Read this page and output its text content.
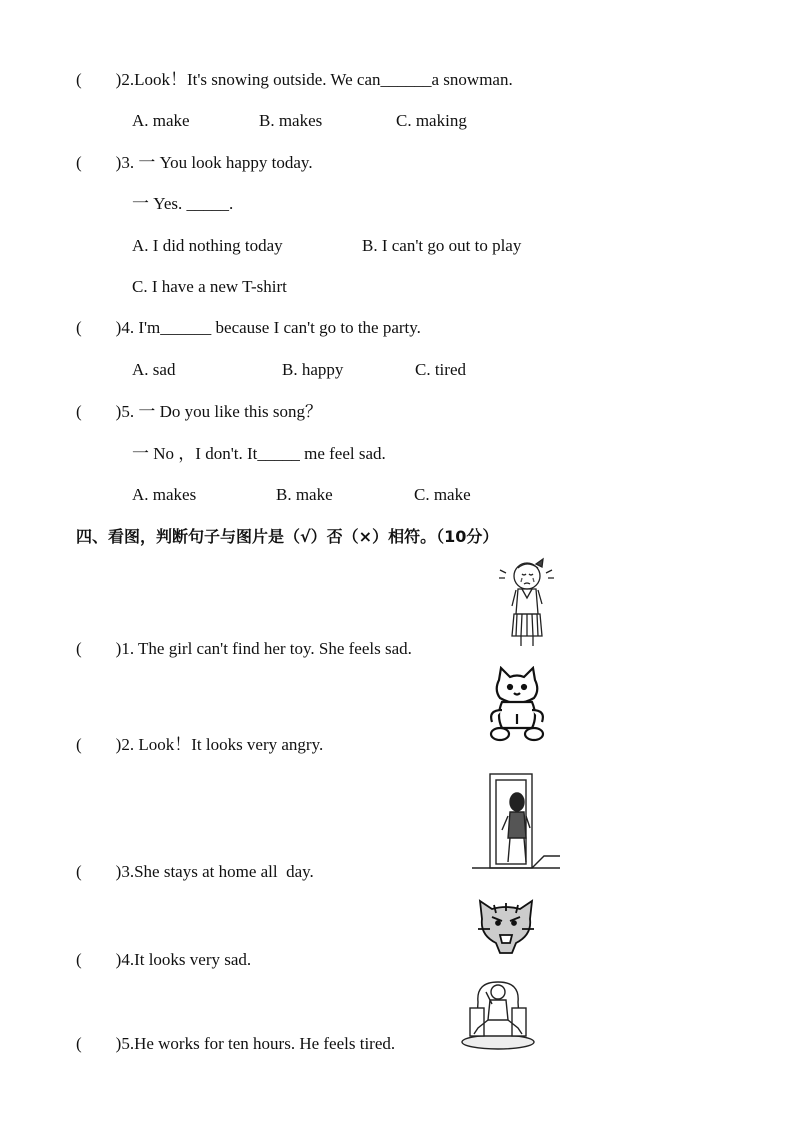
(        )2.Look！It's snowing outside. We can______a snowman.
A. make	B. makes	C. making
(        )3. 一 You look happy today.
一 Yes. _____.
A. I did nothing today	B. I can't go out to play
C. I have a new T-shirt
(        )4. I'm______ because I can't go to the party.
A. sad	B. happy	C. tired
(        )5. 一 Do you like this song？
一 No ，I don't. It_____ me feel sad.
A. makes	B. make	C. make
四、看图，判断句子与图片是（√）否（×）相符。（10分）
(        )1. The girl can't find her toy. She feels sad.
(        )2. Look！It looks very angry.
(        )3.She stays at home all  day.
(        )4.It looks very sad.
(        )5.He works for ten hours. He feels tired.
